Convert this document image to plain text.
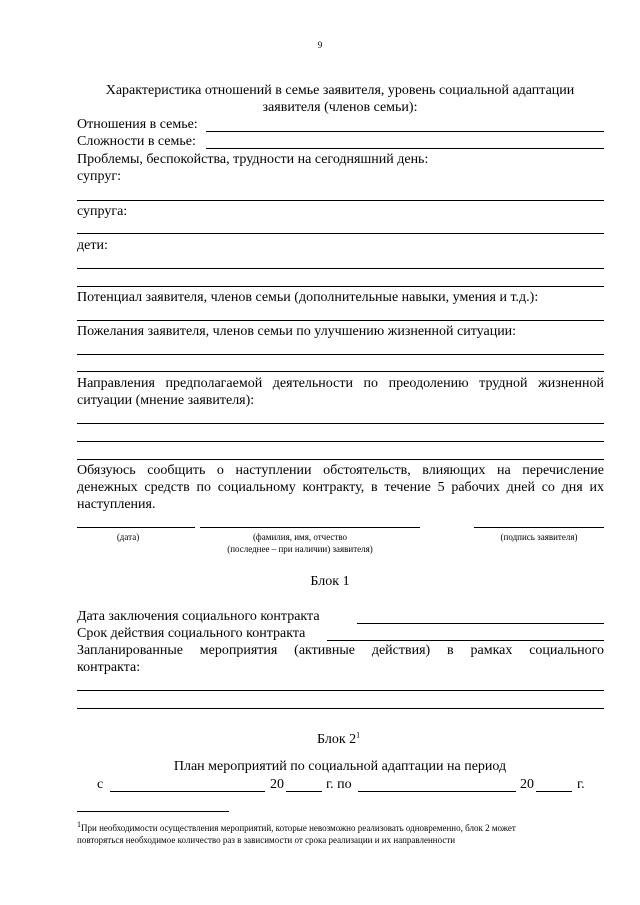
9
Характеристика отношений в семье заявителя, уровень социальной адаптации
заявителя (членов семьи):
Отношения в семье:
Сложности в семье:
Проблемы, беспокойства, трудности на сегодняшний день:
супруг:
супруга:
дети:
Потенциал заявителя, членов семьи (дополнительные навыки, умения и т.д.):
Пожелания заявителя, членов семьи по улучшению жизненной ситуации:
Направления предполагаемой деятельности по преодолению трудной жизненной
ситуации (мнение заявителя):
Обязуюсь сообщить о наступлении обстоятельств, влияющих на перечисление
денежных средств по социальному контракту, в течение 5 рабочих дней со дня их
наступления.
(дата)	(фамилия, имя, отчество
(последнее – при наличии) заявителя)
(подпись заявителя)
Блок 1
Дата заключения социального контракта
Срок действия социального контракта
Запланированные мероприятия (активные действия) в рамках социального
контракта:
Блок $2^1$
План мероприятий по социальной адаптации на период
с	20	г. по	20	г.
$^1$При необходимости осуществления мероприятий, которые невозможно реализовать одновременно, блок 2 может
повторяться необходимое количество раз в зависимости от срока реализации и их направленности
